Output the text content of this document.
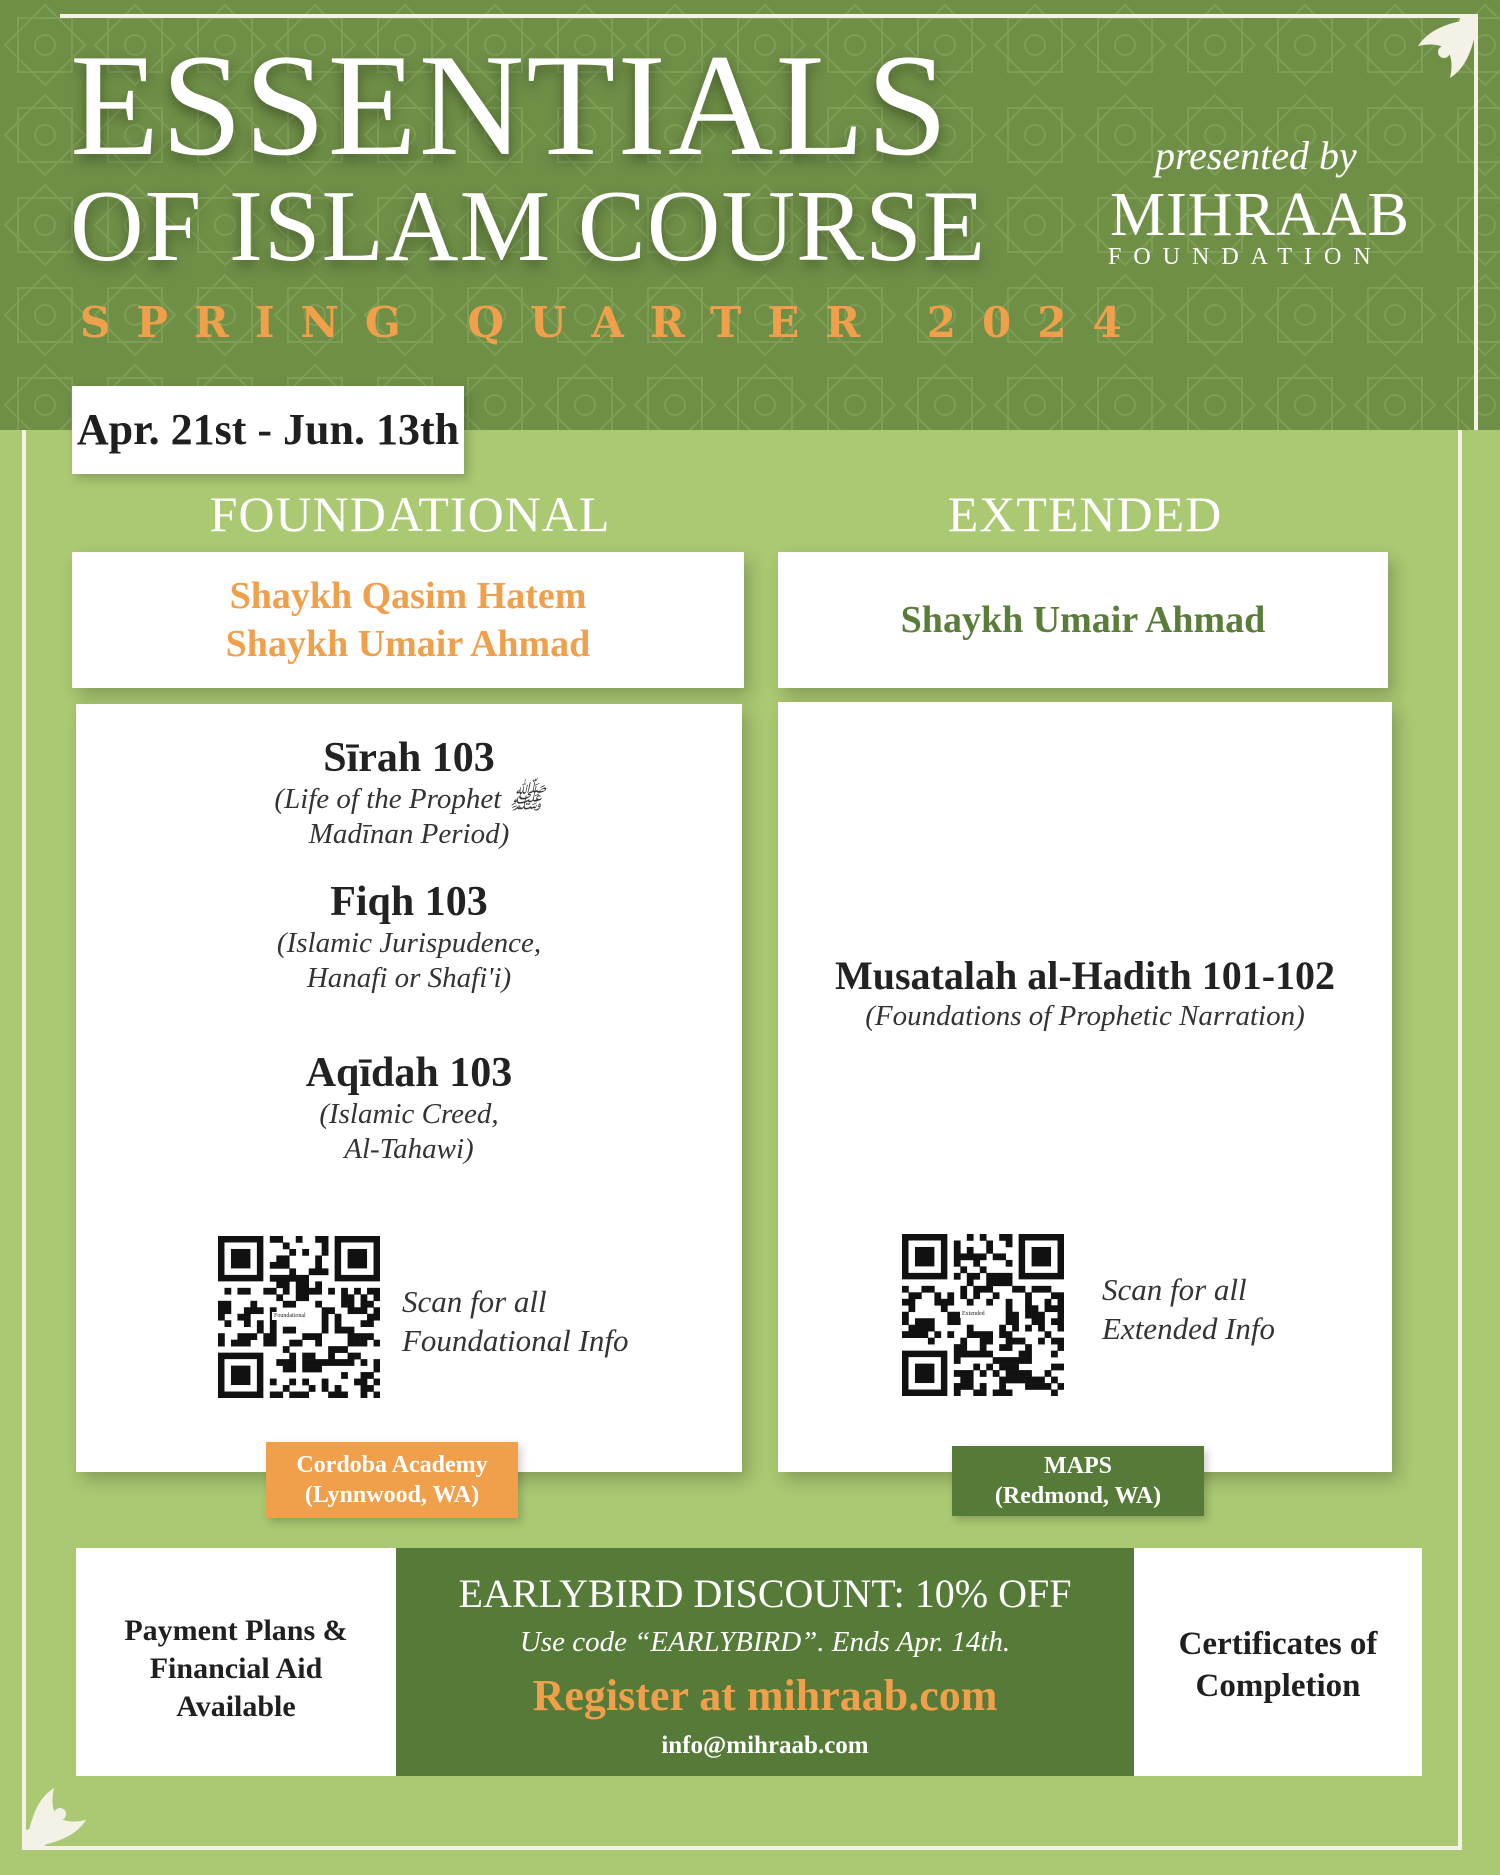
ESSENTIALS
OF ISLAM COURSE
SPRING QUARTER 2024
presented by
MIHRAAB
FOUNDATION
Apr. 21st - Jun. 13th
FOUNDATIONAL	EXTENDED
Shaykh Qasim Hatem
Shaykh Umair Ahmad
Shaykh Umair Ahmad
Sīrah 103
(Life of the Prophet ﷺ
Madīnan Period)
Fiqh 103
(Islamic Jurispudence,
Hanafi or Shafi'i)
Aqīdah 103
(Islamic Creed,
Al-Tahawi)
Foundational	Scan for all
Foundational Info
Musatalah al-Hadith 101-102
(Foundations of Prophetic Narration)
Extended
Scan for all
Extended Info
Cordoba Academy
(Lynnwood, WA)
MAPS
(Redmond, WA)
Payment Plans &
Financial Aid
Available
EARLYBIRD DISCOUNT: 10% OFF
Use code “EARLYBIRD”. Ends Apr. 14th.
Register at mihraab.com
info@mihraab.com
Certificates of
Completion
